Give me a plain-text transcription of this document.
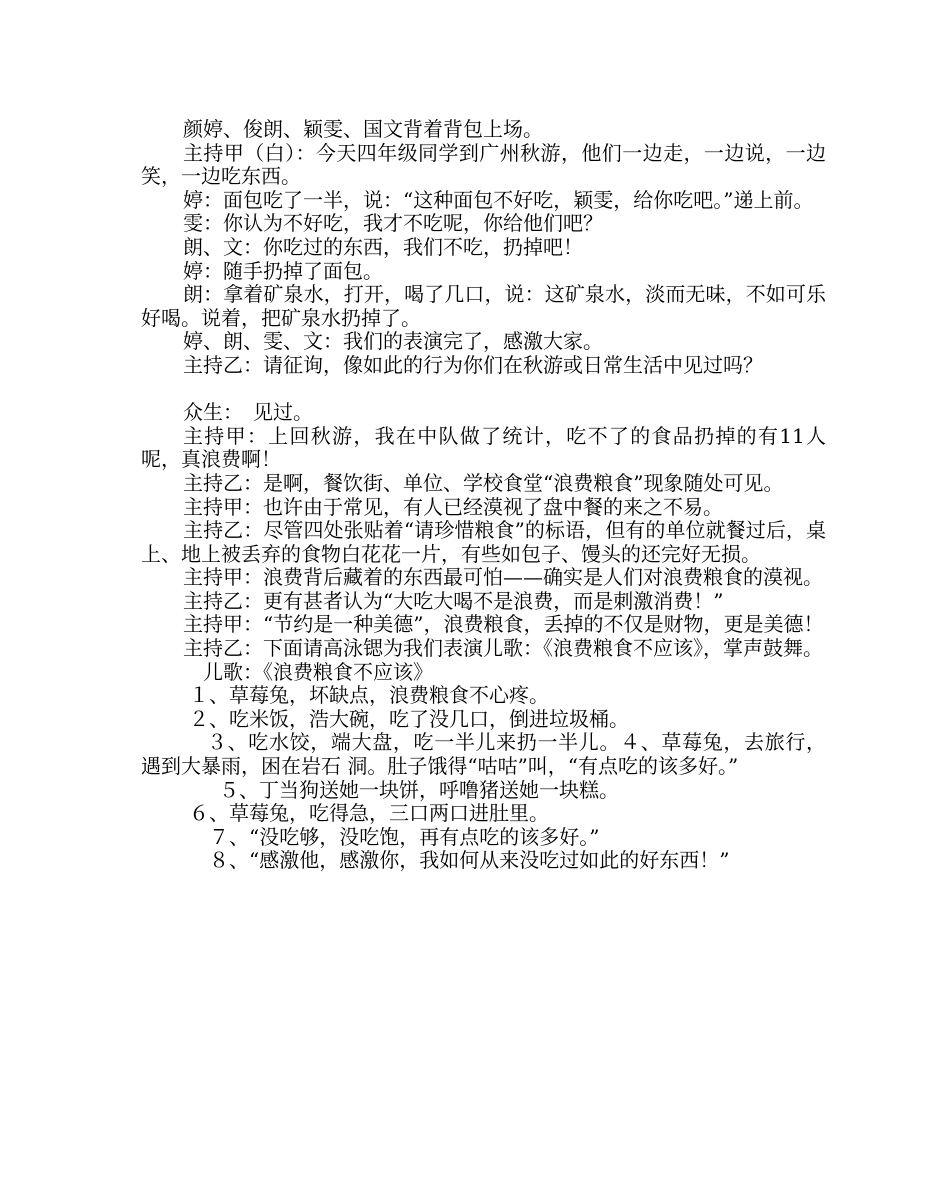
颜婷、俊朗、颖雯、国文背着背包上场。

主持甲（白）：今天四年级同学到广州秋游，他们一边走，一边说，一边笑，一边吃东西。

婷：面包吃了一半，说：“这种面包不好吃，颖雯，给你吃吧。”递上前。

雯：你认为不好吃，我才不吃呢，你给他们吧？

朗、文：你吃过的东西，我们不吃，扔掉吧！

婷：随手扔掉了面包。

朗：拿着矿泉水，打开，喝了几口，说：这矿泉水，淡而无味，不如可乐好喝。说着，把矿泉水扔掉了。

婷、朗、雯、文：我们的表演完了，感激大家。

主持乙：请征询，像如此的行为你们在秋游或日常生活中见过吗？

众生：　见过。

主持甲：上回秋游，我在中队做了统计，吃不了的食品扔掉的有11人呢，真浪费啊！

主持乙：是啊，餐饮街、单位、学校食堂“浪费粮食”现象随处可见。

主持甲：也许由于常见，有人已经漠视了盘中餐的来之不易。

主持乙：尽管四处张贴着“请珍惜粮食”的标语，但有的单位就餐过后，桌上、地上被丢弃的食物白花花一片，有些如包子、馒头的还完好无损。

主持甲：浪费背后藏着的东西最可怕——确实是人们对浪费粮食的漠视。

主持乙：更有甚者认为“大吃大喝不是浪费，而是刺激消费！”

主持甲：“节约是一种美德”，浪费粮食，丢掉的不仅是财物，更是美德！

主持乙：下面请高泳锶为我们表演儿歌：《浪费粮食不应该》，掌声鼓舞。

儿歌：《浪费粮食不应该》

１、草莓兔，坏缺点，浪费粮食不心疼。

２、吃米饭，浩大碗，吃了没几口，倒进垃圾桶。

３、吃水饺，端大盘，吃一半儿来扔一半儿。４、草莓兔，去旅行，遇到大暴雨，困在岩石 洞。肚子饿得“咕咕”叫，“有点吃的该多好。”

５、丁当狗送她一块饼，呼噜猪送她一块糕。

６、草莓兔，吃得急，三口两口进肚里。

７、“没吃够，没吃饱，再有点吃的该多好。”

８、“感激他，感激你，我如何从来没吃过如此的好东西！”
